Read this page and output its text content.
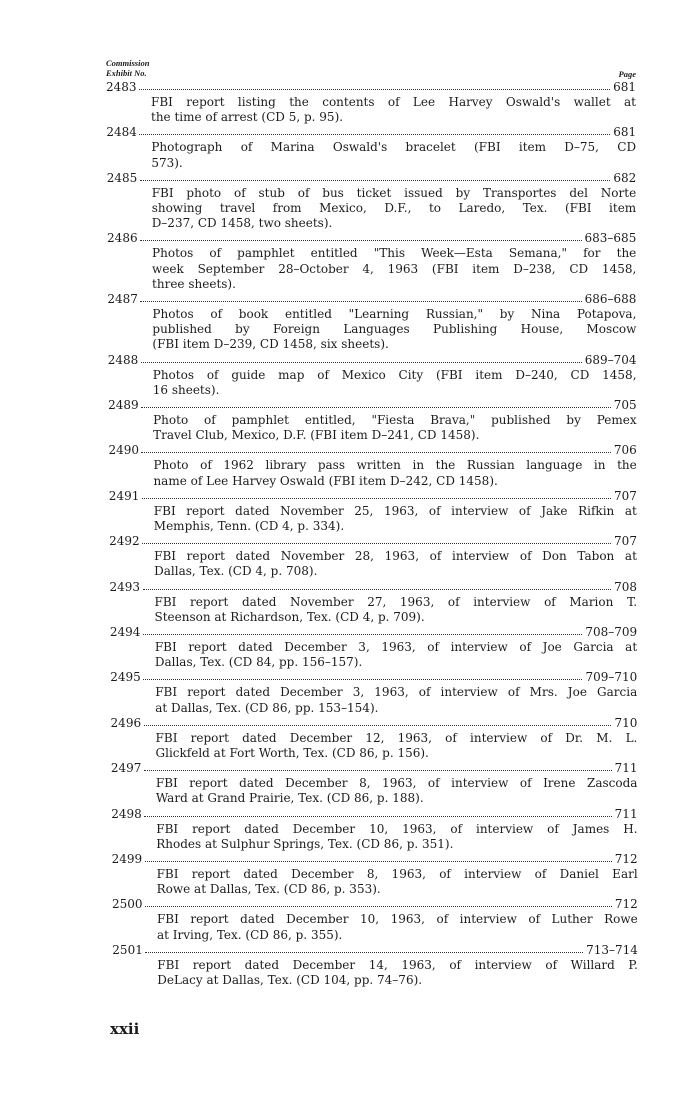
Commission
Exhibit No.	Page
2483	681
FBI report listing the contents of Lee Harvey Oswald's wallet at
the time of arrest (CD 5, p. 95).
2484	681
Photograph of Marina Oswald's bracelet (FBI item D–75, CD
573).
2485	682
FBI photo of stub of bus ticket issued by Transportes del Norte
showing travel from Mexico, D.F., to Laredo, Tex. (FBI item
D–237, CD 1458, two sheets).
2486	683–685
Photos of pamphlet entitled "This Week—Esta Semana," for the
week September 28–October 4, 1963 (FBI item D–238, CD 1458,
three sheets).
2487	686–688
Photos of book entitled "Learning Russian," by Nina Potapova,
published by Foreign Languages Publishing House, Moscow
(FBI item D–239, CD 1458, six sheets).
2488	689–704
Photos of guide map of Mexico City (FBI item D–240, CD 1458,
16 sheets).
2489	705
Photo of pamphlet entitled, "Fiesta Brava," published by Pemex
Travel Club, Mexico, D.F. (FBI item D–241, CD 1458).
2490	706
Photo of 1962 library pass written in the Russian language in the
name of Lee Harvey Oswald (FBI item D–242, CD 1458).
2491	707
FBI report dated November 25, 1963, of interview of Jake Rifkin at
Memphis, Tenn. (CD 4, p. 334).
2492	707
FBI report dated November 28, 1963, of interview of Don Tabon at
Dallas, Tex. (CD 4, p. 708).
2493	708
FBI report dated November 27, 1963, of interview of Marion T.
Steenson at Richardson, Tex. (CD 4, p. 709).
2494	708–709
FBI report dated December 3, 1963, of interview of Joe Garcia at
Dallas, Tex. (CD 84, pp. 156–157).
2495	709–710
FBI report dated December 3, 1963, of interview of Mrs. Joe Garcia
at Dallas, Tex. (CD 86, pp. 153–154).
2496	710
FBI report dated December 12, 1963, of interview of Dr. M. L.
Glickfeld at Fort Worth, Tex. (CD 86, p. 156).
2497	711
FBI report dated December 8, 1963, of interview of Irene Zascoda
Ward at Grand Prairie, Tex. (CD 86, p. 188).
2498	711
FBI report dated December 10, 1963, of interview of James H.
Rhodes at Sulphur Springs, Tex. (CD 86, p. 351).
2499	712
FBI report dated December 8, 1963, of interview of Daniel Earl
Rowe at Dallas, Tex. (CD 86, p. 353).
2500	712
FBI report dated December 10, 1963, of interview of Luther Rowe
at Irving, Tex. (CD 86, p. 355).
2501	713–714
FBI report dated December 14, 1963, of interview of Willard P.
DeLacy at Dallas, Tex. (CD 104, pp. 74–76).
xxii
